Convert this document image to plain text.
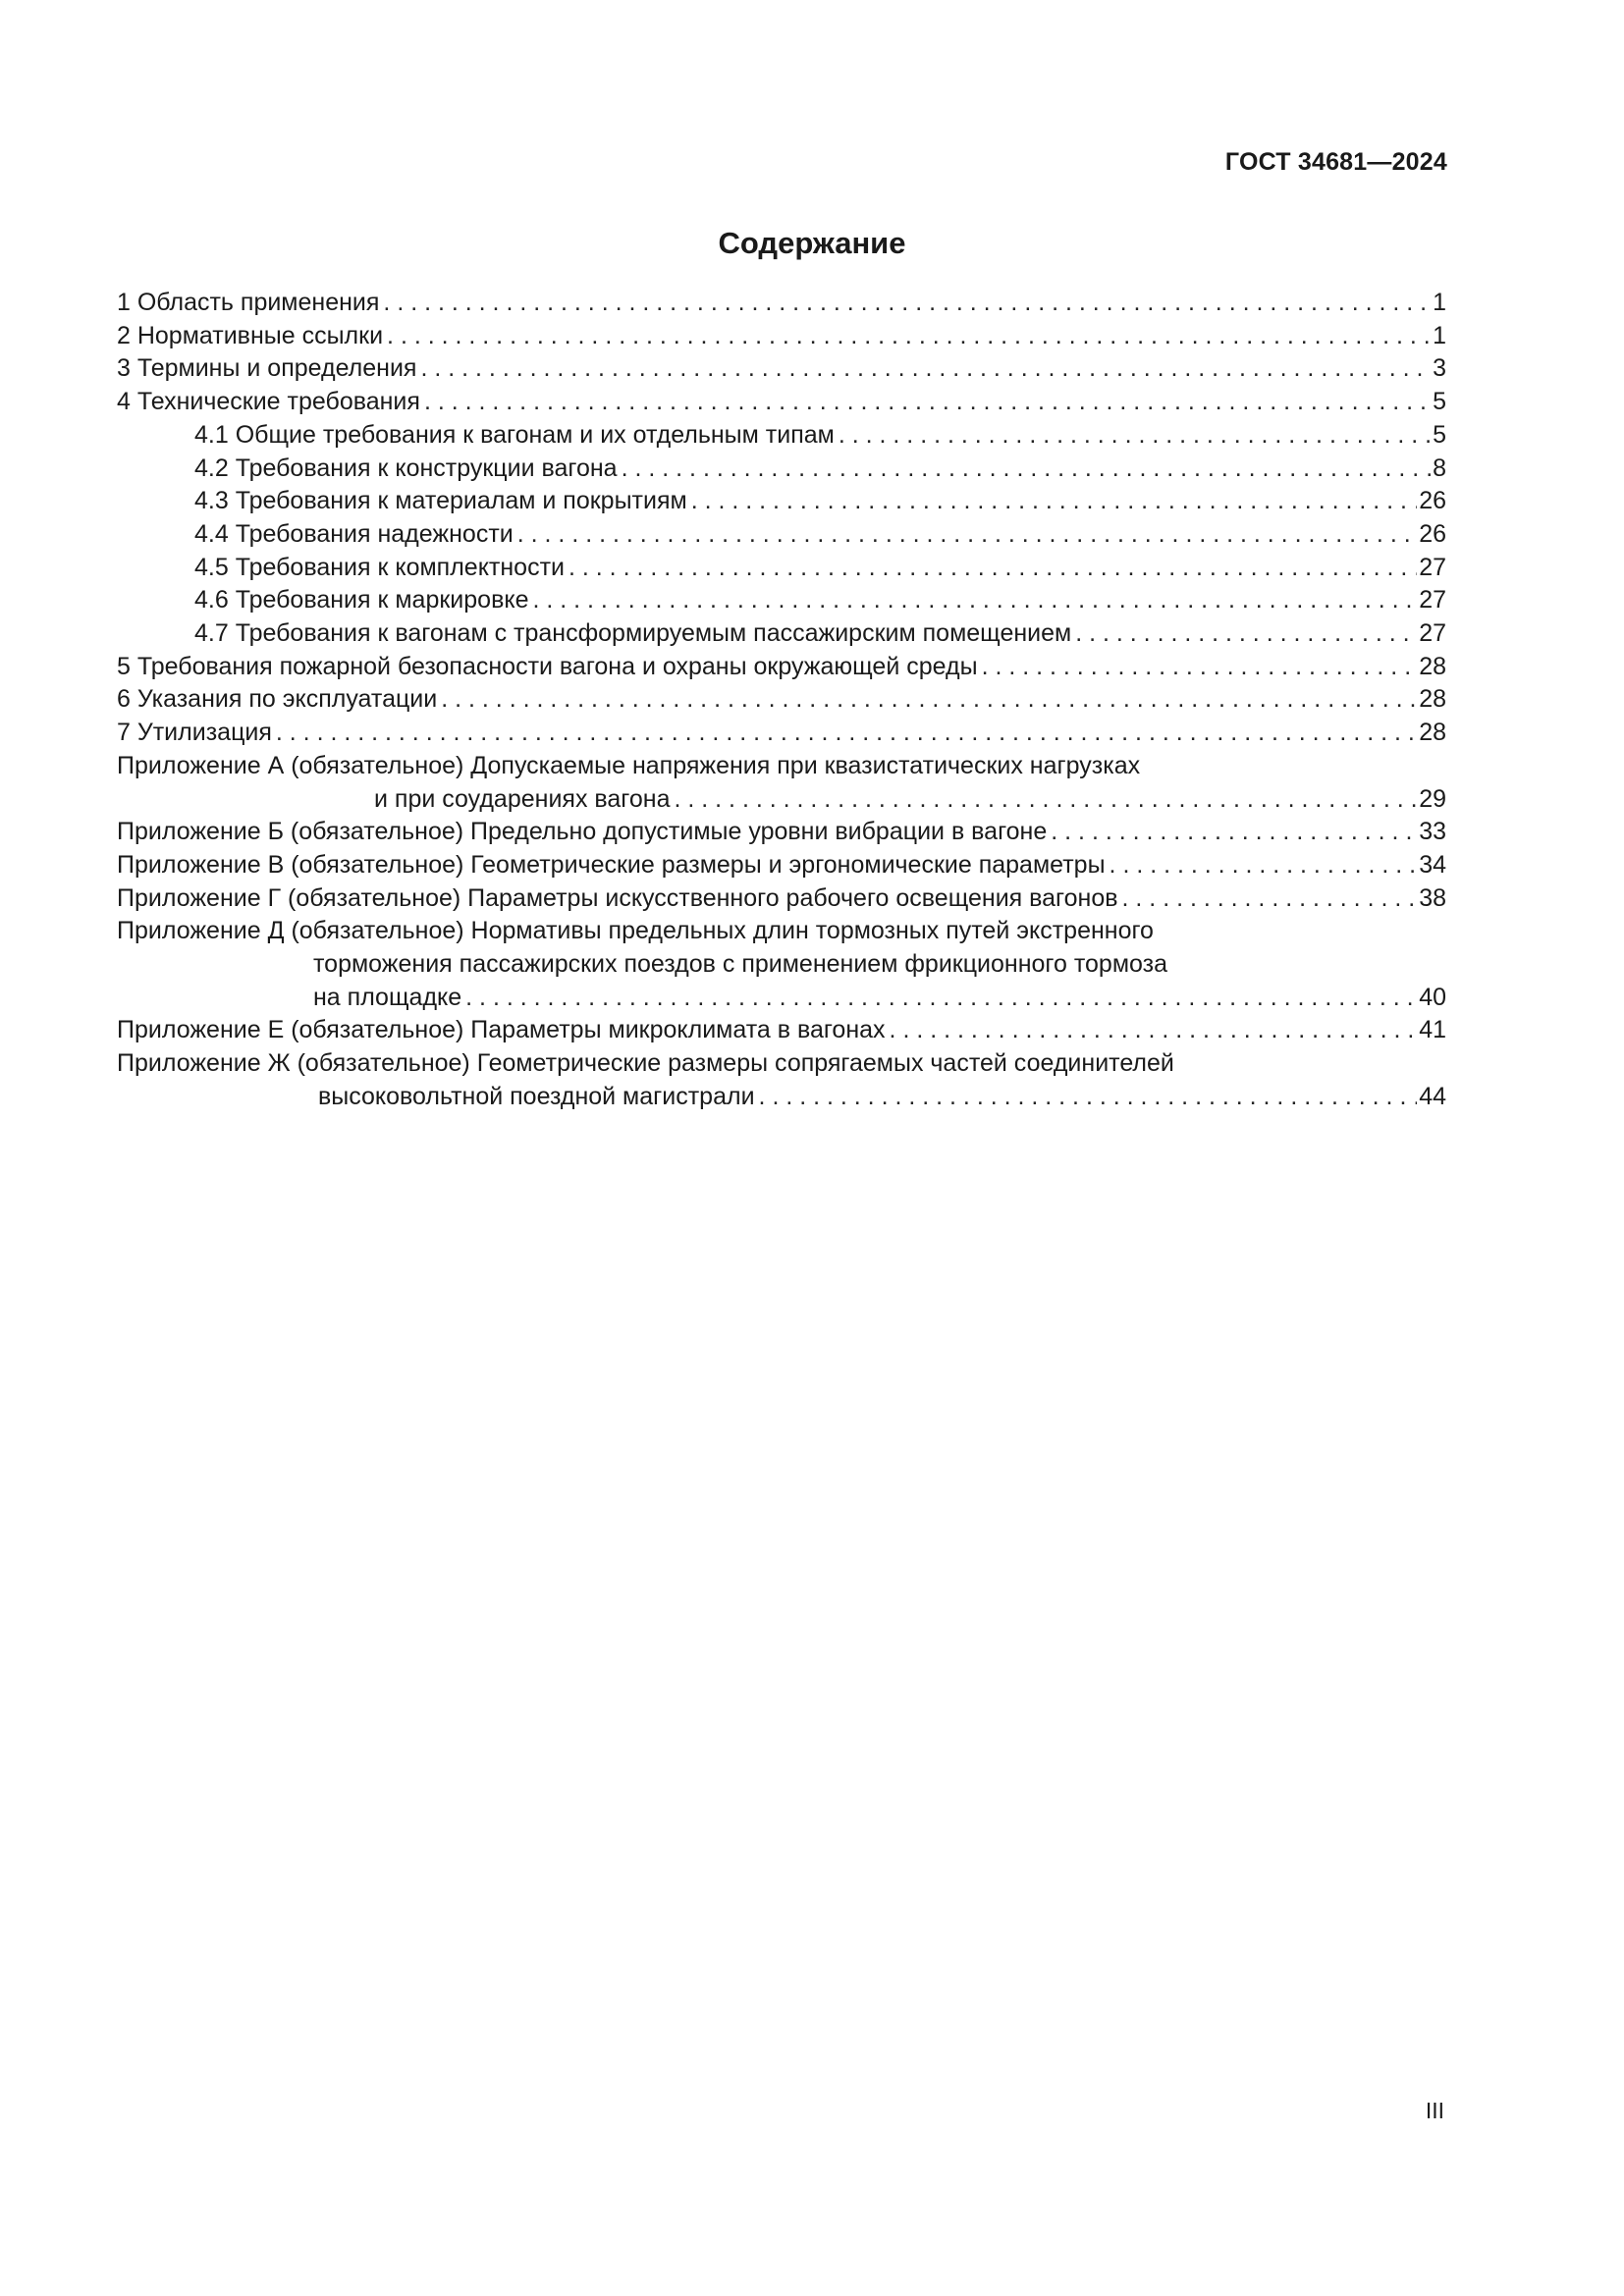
ГОСТ 34681—2024
Содержание
1 Область применения . . .	1
2 Нормативные ссылки . . .	1
3 Термины и определения . . .	3
4 Технические требования . . .	5
4.1 Общие требования к вагонам и их отдельным типам . . .	5
4.2 Требования к конструкции вагона . . .	8
4.3 Требования к материалам и покрытиям . . .	26
4.4 Требования надежности . . .	26
4.5 Требования к комплектности . . .	27
4.6 Требования к маркировке . . .	27
4.7 Требования к вагонам с трансформируемым пассажирским помещением . . .	27
5 Требования пожарной безопасности вагона и охраны окружающей среды . . .	28
6 Указания по эксплуатации . . .	28
7 Утилизация . . .	28
Приложение А (обязательное) Допускаемые напряжения при квазистатических нагрузках
и при соударениях вагона . . .	29
Приложение Б (обязательное) Предельно допустимые уровни вибрации в вагоне . . .	33
Приложение В (обязательное) Геометрические размеры и эргономические параметры . . .	34
Приложение Г (обязательное) Параметры искусственного рабочего освещения вагонов . . .	38
Приложение Д (обязательное) Нормативы предельных длин тормозных путей экстренного
торможения пассажирских поездов с применением фрикционного тормоза
на площадке . . .	40
Приложение Е (обязательное) Параметры микроклимата в вагонах . . .	41
Приложение Ж (обязательное) Геометрические размеры сопрягаемых частей соединителей
высоковольтной поездной магистрали . . .	44
III
